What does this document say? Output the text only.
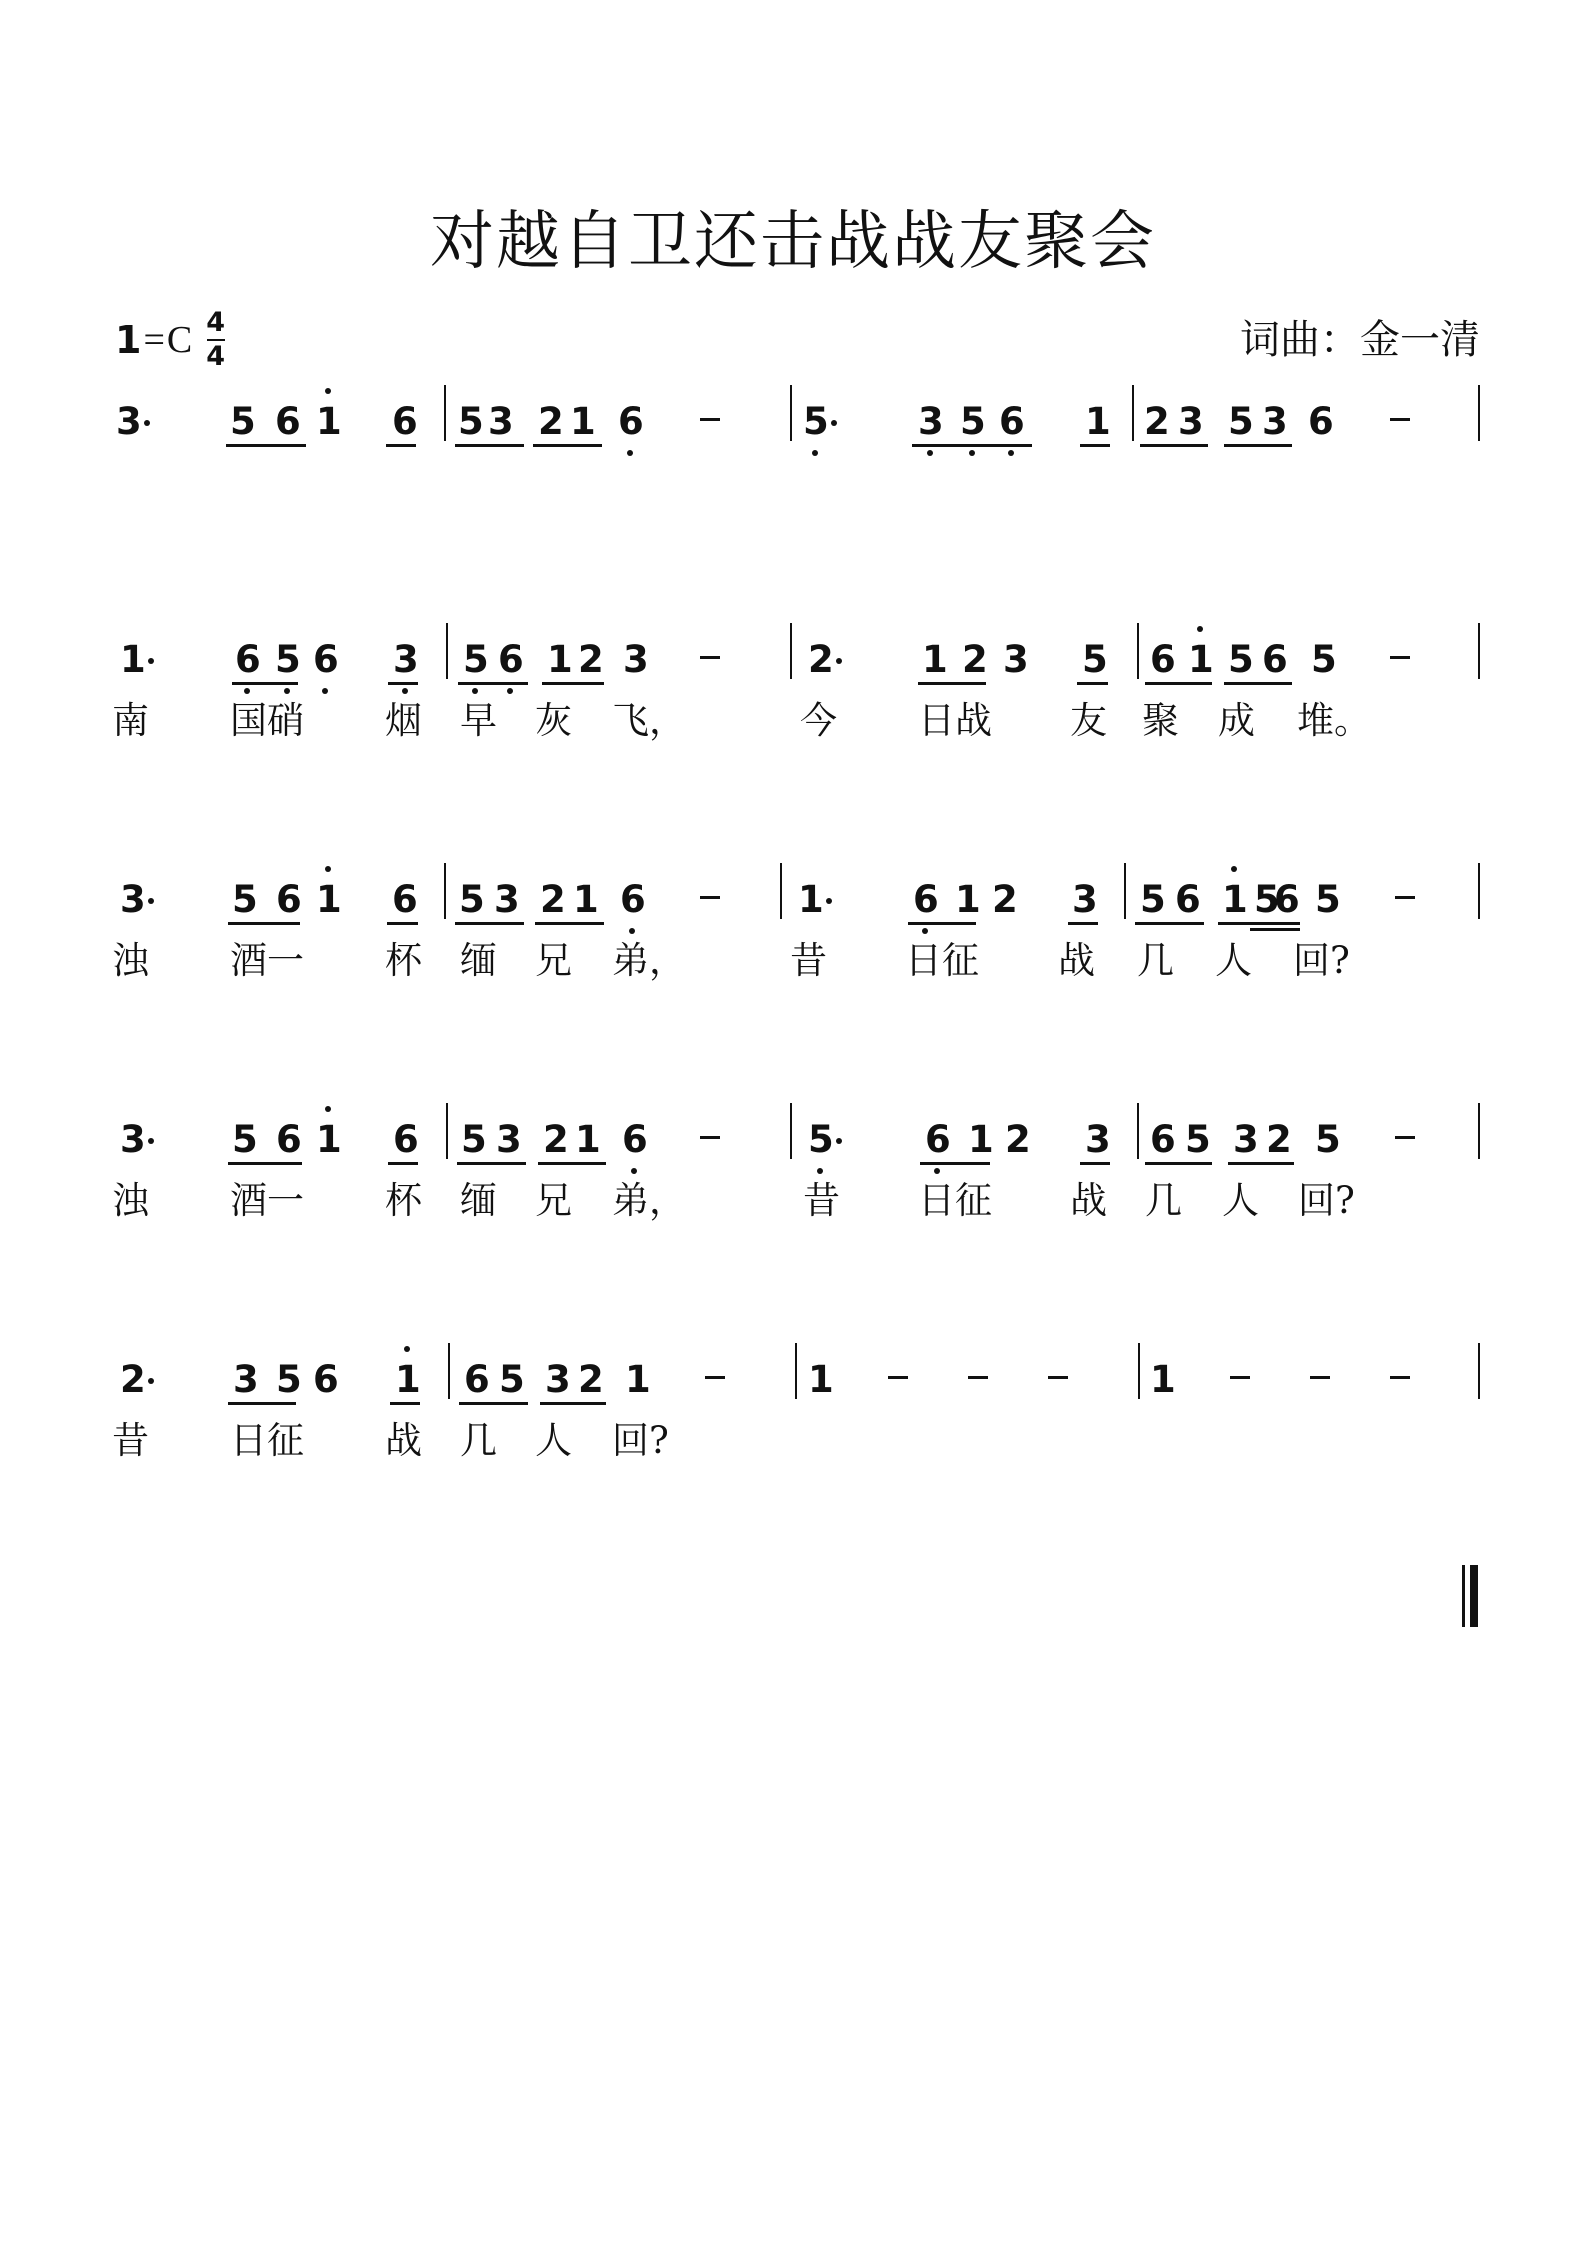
对越自卫还击战战友聚会
1 = C 4
4	词曲：金一清
3 5 6 1 6 5 3 2 1 6	5 3 5 6 1 2 3 5 3 6
1 6 5 6 3 5 6 1 2 3	2 1 2 3 5 6 1 5 6 5
南 国硝 烟 早 灰 飞，	今 日战 友 聚 成 堆。
3 5 6 1 6 5 3 2 1 6	1 6 1 2 3 5 6 1 5
6 5
浊 酒一 杯 缅 兄 弟，	昔 日征 战 几 人 回?
3 5 6 1 6 5 3 2 1 6	5 6 1 2 3 6 5 3 2 5
浊 酒一 杯 缅 兄 弟，	昔 日征 战 几 人 回?
2 3 5 6 1 6 5 3 2 1	1	1
昔 日征 战 几 人 回?
